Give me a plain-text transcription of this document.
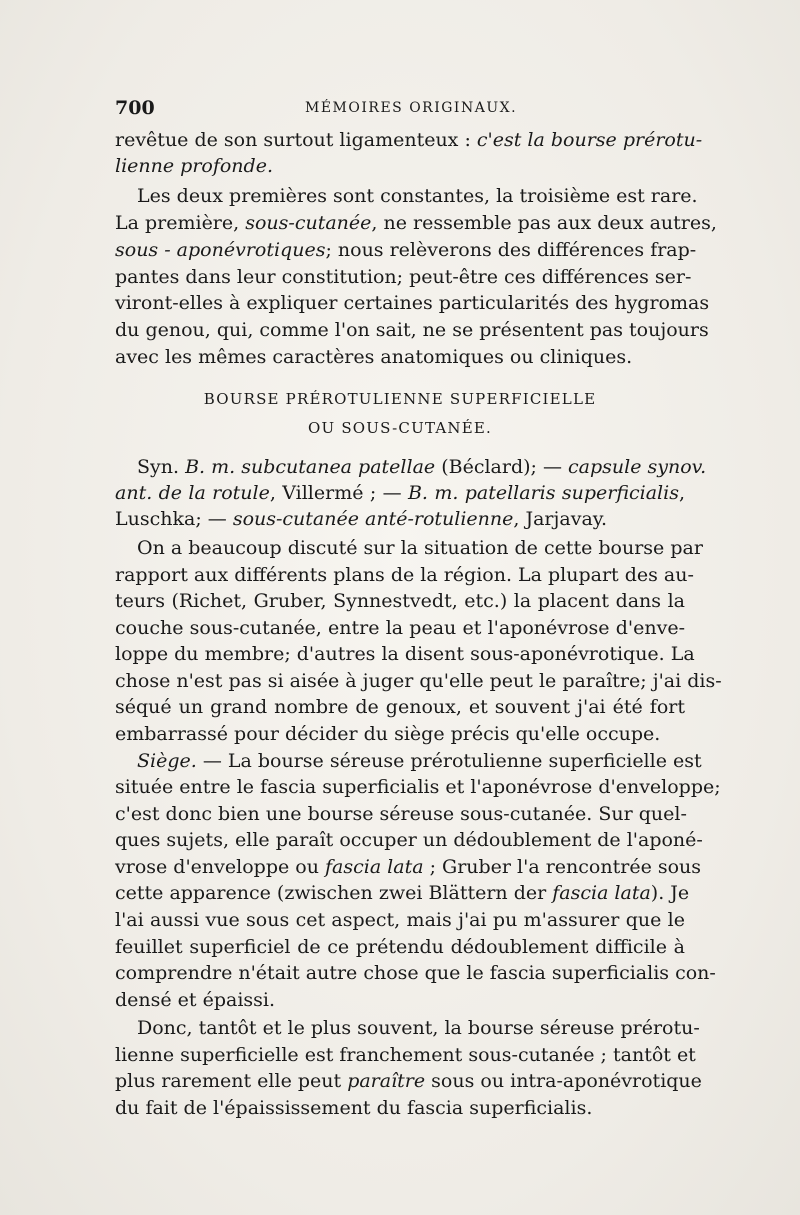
700	MÉMOIRES ORIGINAUX.
revêtue de son surtout ligamenteux : c'est la bourse prérotu-
lienne profonde.
Les deux premières sont constantes, la troisième est rare.
La première, sous-cutanée, ne ressemble pas aux deux autres,
sous - aponévrotiques; nous relèverons des différences frap-
pantes dans leur constitution; peut-être ces différences ser-
viront-elles à expliquer certaines particularités des hygromas
du genou, qui, comme l'on sait, ne se présentent pas toujours
avec les mêmes caractères anatomiques ou cliniques.
BOURSE PRÉROTULIENNE SUPERFICIELLE
OU SOUS-CUTANÉE.
Syn. B. m. subcutanea patellae (Béclard); — capsule synov.
ant. de la rotule, Villermé ; — B. m. patellaris superficialis,
Luschka; — sous-cutanée anté-rotulienne, Jarjavay.
On a beaucoup discuté sur la situation de cette bourse par
rapport aux différents plans de la région. La plupart des au-
teurs (Richet, Gruber, Synnestvedt, etc.) la placent dans la
couche sous-cutanée, entre la peau et l'aponévrose d'enve-
loppe du membre; d'autres la disent sous-aponévrotique. La
chose n'est pas si aisée à juger qu'elle peut le paraître; j'ai dis-
séqué un grand nombre de genoux, et souvent j'ai été fort
embarrassé pour décider du siège précis qu'elle occupe.
Siège. — La bourse séreuse prérotulienne superficielle est
située entre le fascia superficialis et l'aponévrose d'enveloppe;
c'est donc bien une bourse séreuse sous-cutanée. Sur quel-
ques sujets, elle paraît occuper un dédoublement de l'aponé-
vrose d'enveloppe ou fascia lata ; Gruber l'a rencontrée sous
cette apparence (zwischen zwei Blättern der fascia lata). Je
l'ai aussi vue sous cet aspect, mais j'ai pu m'assurer que le
feuillet superficiel de ce prétendu dédoublement difficile à
comprendre n'était autre chose que le fascia superficialis con-
densé et épaissi.
Donc, tantôt et le plus souvent, la bourse séreuse prérotu-
lienne superficielle est franchement sous-cutanée ; tantôt et
plus rarement elle peut paraître sous ou intra-aponévrotique
du fait de l'épaississement du fascia superficialis.
